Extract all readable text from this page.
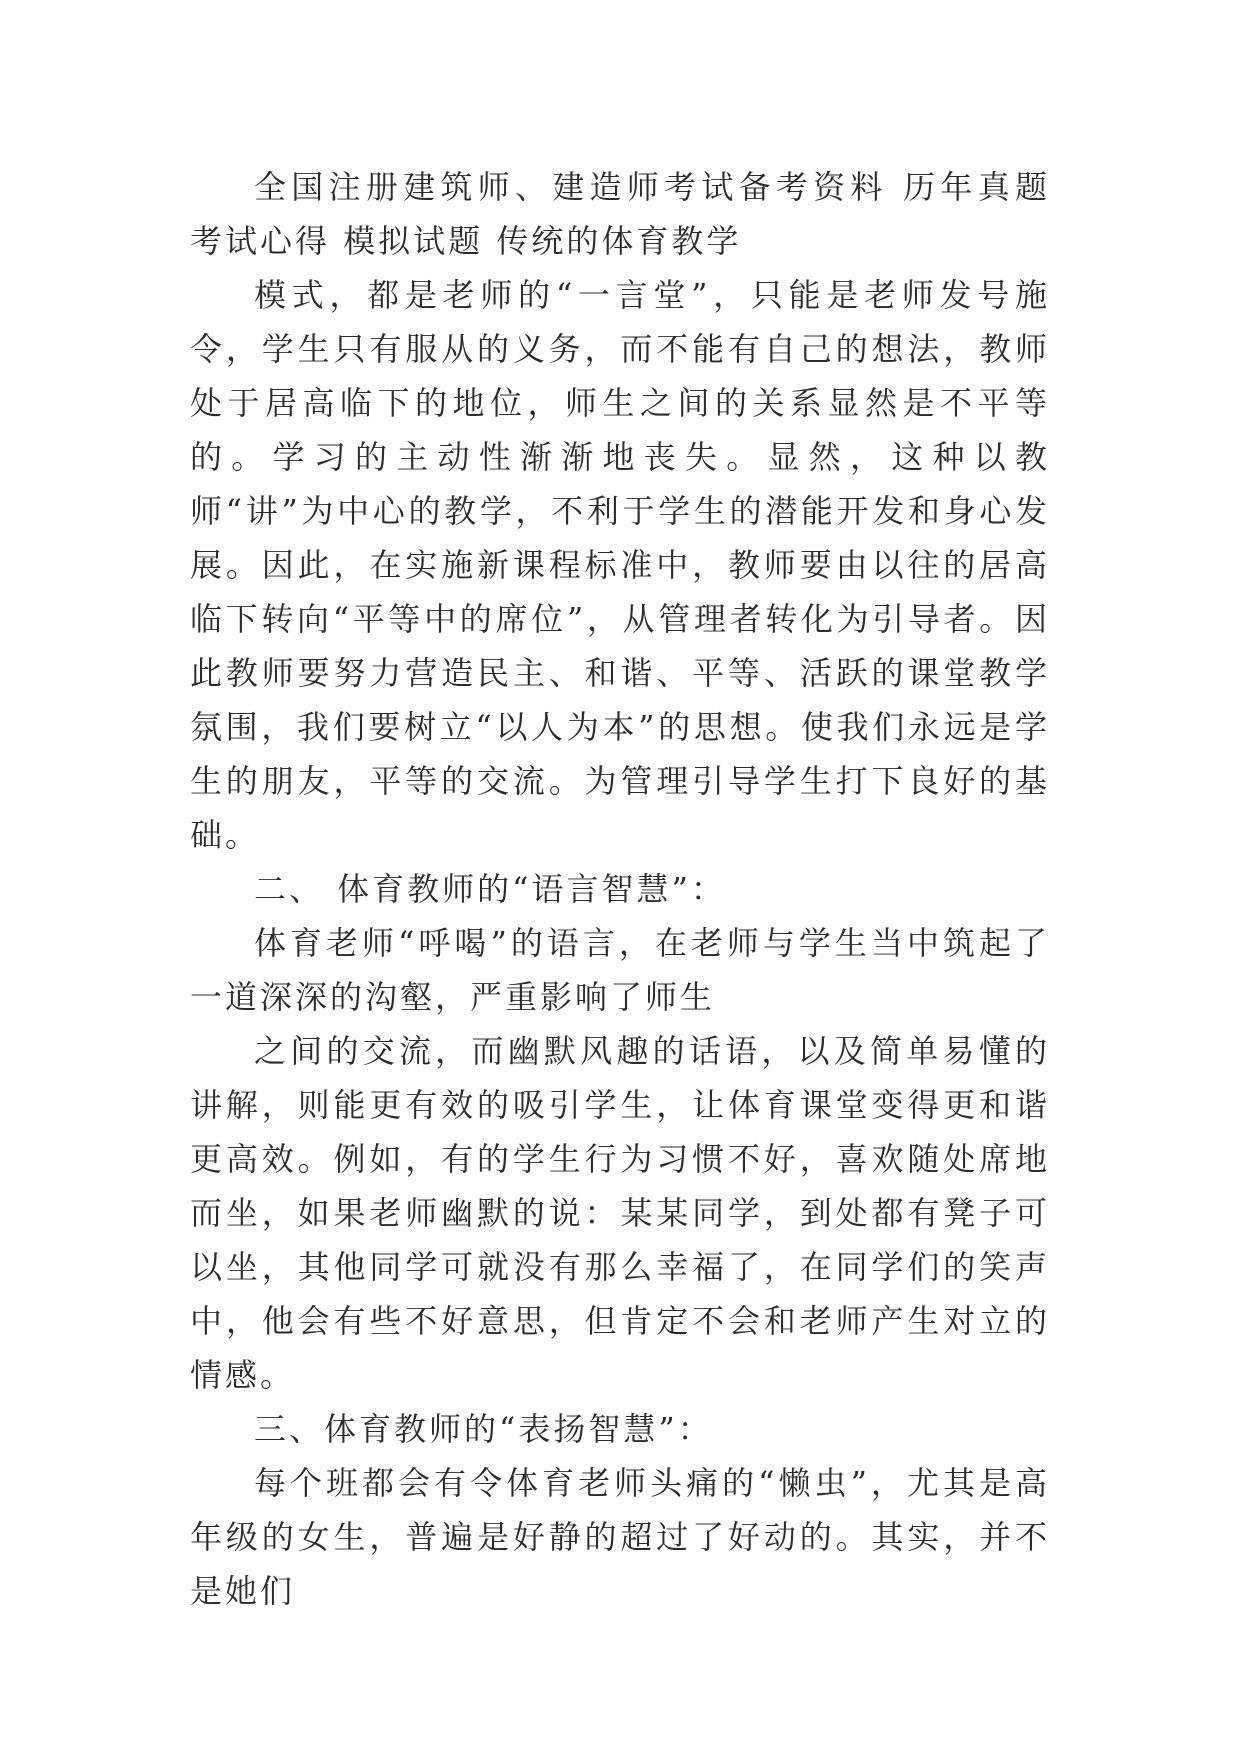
全国注册建筑师、建造师考试备考资料 历年真题 考试心得 模拟试题 传统的体育教学

模式，都是老师的“一言堂”，只能是老师发号施令，学生只有服从的义务，而不能有自己的想法，教师处于居高临下的地位，师生之间的关系显然是不平等的。学习的主动性渐渐地丧失。显然，这种以教师“讲”为中心的教学，不利于学生的潜能开发和身心发展。因此，在实施新课程标准中，教师要由以往的居高临下转向“平等中的席位”，从管理者转化为引导者。因此教师要努力营造民主、和谐、平等、活跃的课堂教学氛围，我们要树立“以人为本”的思想。使我们永远是学生的朋友，平等的交流。为管理引导学生打下良好的基础。

二、 体育教师的“语言智慧”：

体育老师“呼喝”的语言，在老师与学生当中筑起了一道深深的沟壑，严重影响了师生

之间的交流，而幽默风趣的话语，以及简单易懂的讲解，则能更有效的吸引学生，让体育课堂变得更和谐更高效。例如，有的学生行为习惯不好，喜欢随处席地而坐，如果老师幽默的说：某某同学，到处都有凳子可以坐，其他同学可就没有那么幸福了，在同学们的笑声中，他会有些不好意思，但肯定不会和老师产生对立的情感。

三、体育教师的“表扬智慧”：

每个班都会有令体育老师头痛的“懒虫”，尤其是高年级的女生，普遍是好静的超过了好动的。其实，并不是她们
